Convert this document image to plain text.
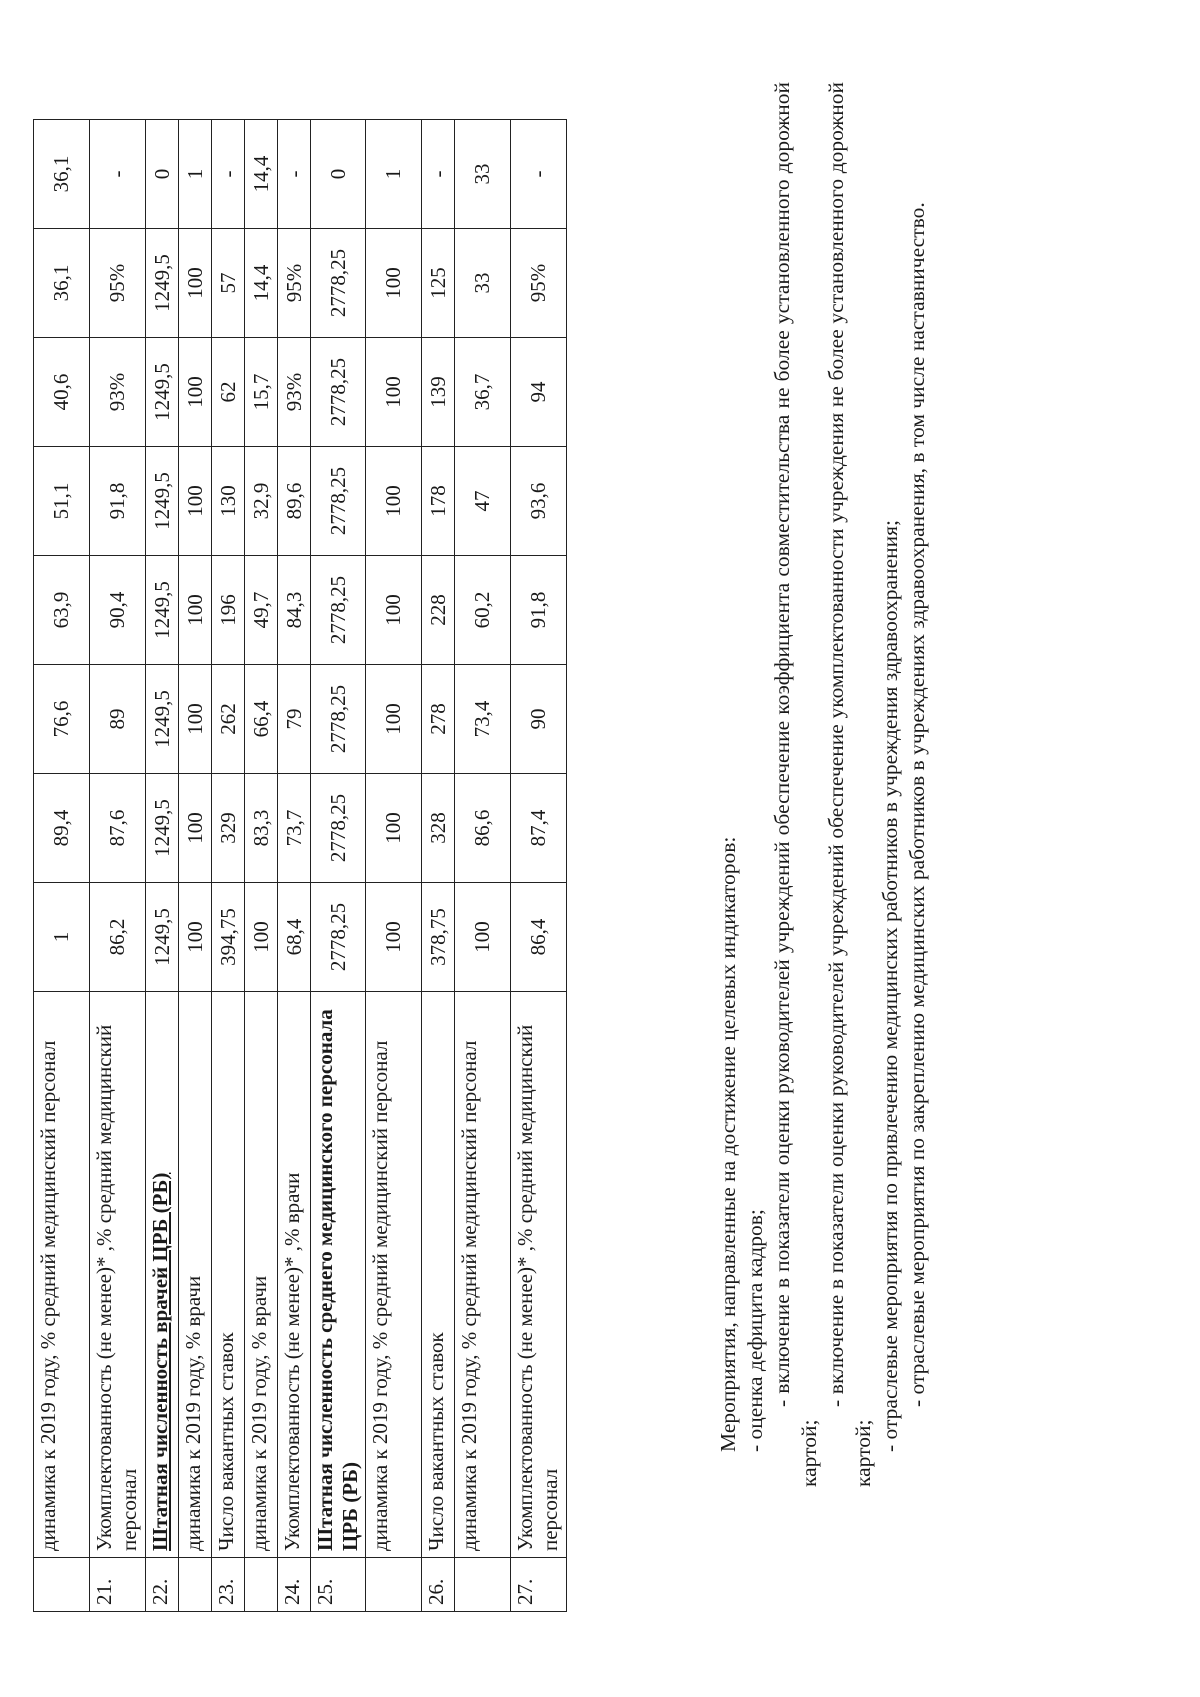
	динамика к 2019 году, % средний медицинский персонал	1	89,4	76,6	63,9	51,1	40,6	36,1	36,1
21.	Укомплектованность (не менее)* ,% средний медицинский персонал	86,2	87,6	89	90,4	91,8	93%	95%	-
22.	Штатная численность врачей ЦРБ (РБ)	1249,5	1249,5	1249,5	1249,5	1249,5	1249,5	1249,5	0
	динамика к 2019 году, % врачи	100	100	100	100	100	100	100	1
23.	Число вакантных ставок	394,75	329	262	196	130	62	57	-
	динамика к 2019 году, % врачи	100	83,3	66,4	49,7	32,9	15,7	14,4	14,4
24.	Укомплектованность (не менее)* ,% врачи	68,4	73,7	79	84,3	89,6	93%	95%	-
25.	Штатная численность среднего медицинского персонала ЦРБ (РБ)	2778,25	2778,25	2778,25	2778,25	2778,25	2778,25	2778,25	0
	динамика к 2019 году, % средний медицинский персонал	100	100	100	100	100	100	100	1
26.	Число вакантных ставок	378,75	328	278	228	178	139	125	-
	динамика к 2019 году, % средний медицинский персонал	100	86,6	73,4	60,2	47	36,7	33	33
27.	Укомплектованность (не менее)* ,% средний медицинский персонал	86,4	87,4	90	91,8	93,6	94	95%	-

Мероприятия, направленные на достижение целевых индикаторов: - оценка дефицита кадров; - включение в показатели оценки руководителей учреждений обеспечение коэффициента совместительства не более установленного дорожной картой;

- включение в показатели оценки руководителей учреждений обеспечение укомплектованности учреждения не более установленного дорожной картой;

- отраслевые мероприятия по привлечению медицинских работников в учреждения здравоохранения; - отраслевые мероприятия по закреплению медицинских работников в учреждениях здравоохранения, в том числе наставничество.
